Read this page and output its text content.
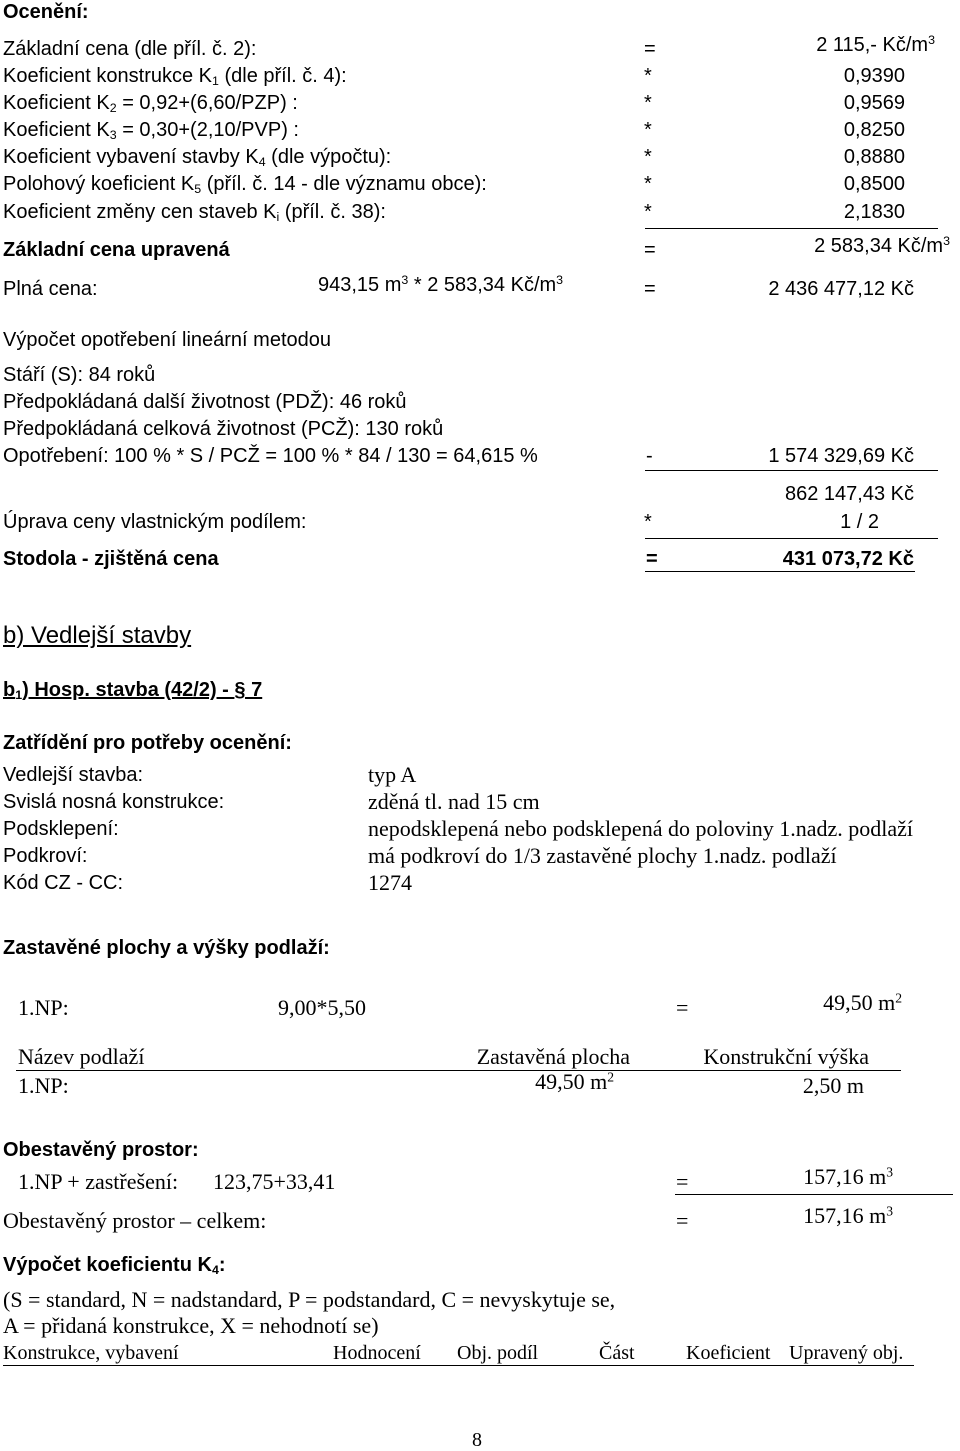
Ocenění:
Základní cena (dle příl. č. 2):	=	2 115,- $Kč/m^3$
Koeficient konstrukce $K_1$ (dle příl. č. 4):	*	0,9390
Koeficient $K_2 = 0,92+(6,60/PZP)$ :	*	0,9569
Koeficient $K_3 = 0,30+(2,10/PVP)$ :	*	0,8250
Koeficient vybavení stavby $K_4$ (dle výpočtu):	*	0,8880
Polohový koeficient $K_5$ (příl. č. 14 - dle významu obce):	*	0,8500
Koeficient změny cen staveb $K_i$ (příl. č. 38):	*	2,1830
Základní cena upravená	=	2 583,34 $Kč/m^3$
Plná cena:	943,15 $m^3 * 2$ 583,34 $Kč/m^3$	=	2 436 477,12 Kč
Výpočet opotřebení lineární metodou
Stáří (S): 84 roků
Předpokládaná další životnost (PDŽ): 46 roků
Předpokládaná celková životnost (PCŽ): 130 roků
Opotřebení: 100 % * S / PCŽ = 100 % * 84 / 130 = 64,615 %	-	1 574 329,69 Kč
862 147,43 Kč
Úprava ceny vlastnickým podílem:	*	1 / 2
Stodola - zjištěná cena	=	431 073,72 Kč
b) Vedlejší stavby
$b_1$) Hosp. stavba (42/2) - § 7
Zatřídění pro potřeby ocenění:
Vedlejší stavba:	typ A
Svislá nosná konstrukce:	zděná tl. nad 15 cm
Podsklepení:	nepodsklepená nebo podsklepená do poloviny 1.nadz. podlaží
Podkroví:	má podkroví do 1/3 zastavěné plochy 1.nadz. podlaží
Kód CZ - CC:	1274
Zastavěné plochy a výšky podlaží:
1.NP:	9,00*5,50	=	49,50 $m^2$
Název podlaží	Zastavěná plocha	Konstrukční výška
1.NP:	49,50 $m^2$	2,50 m
Obestavěný prostor:
1.NP + zastřešení: 123,75+33,41	=	157,16 $m^3$
Obestavěný prostor – celkem:	=	157,16 $m^3$
Výpočet koeficientu $K_4$:
(S = standard, N = nadstandard, P = podstandard, C = nevyskytuje se,
A = přidaná konstrukce, X = nehodnotí se)
Konstrukce, vybavení	Hodnocení Obj. podíl	Část	Koeficient Upravený obj.
8
